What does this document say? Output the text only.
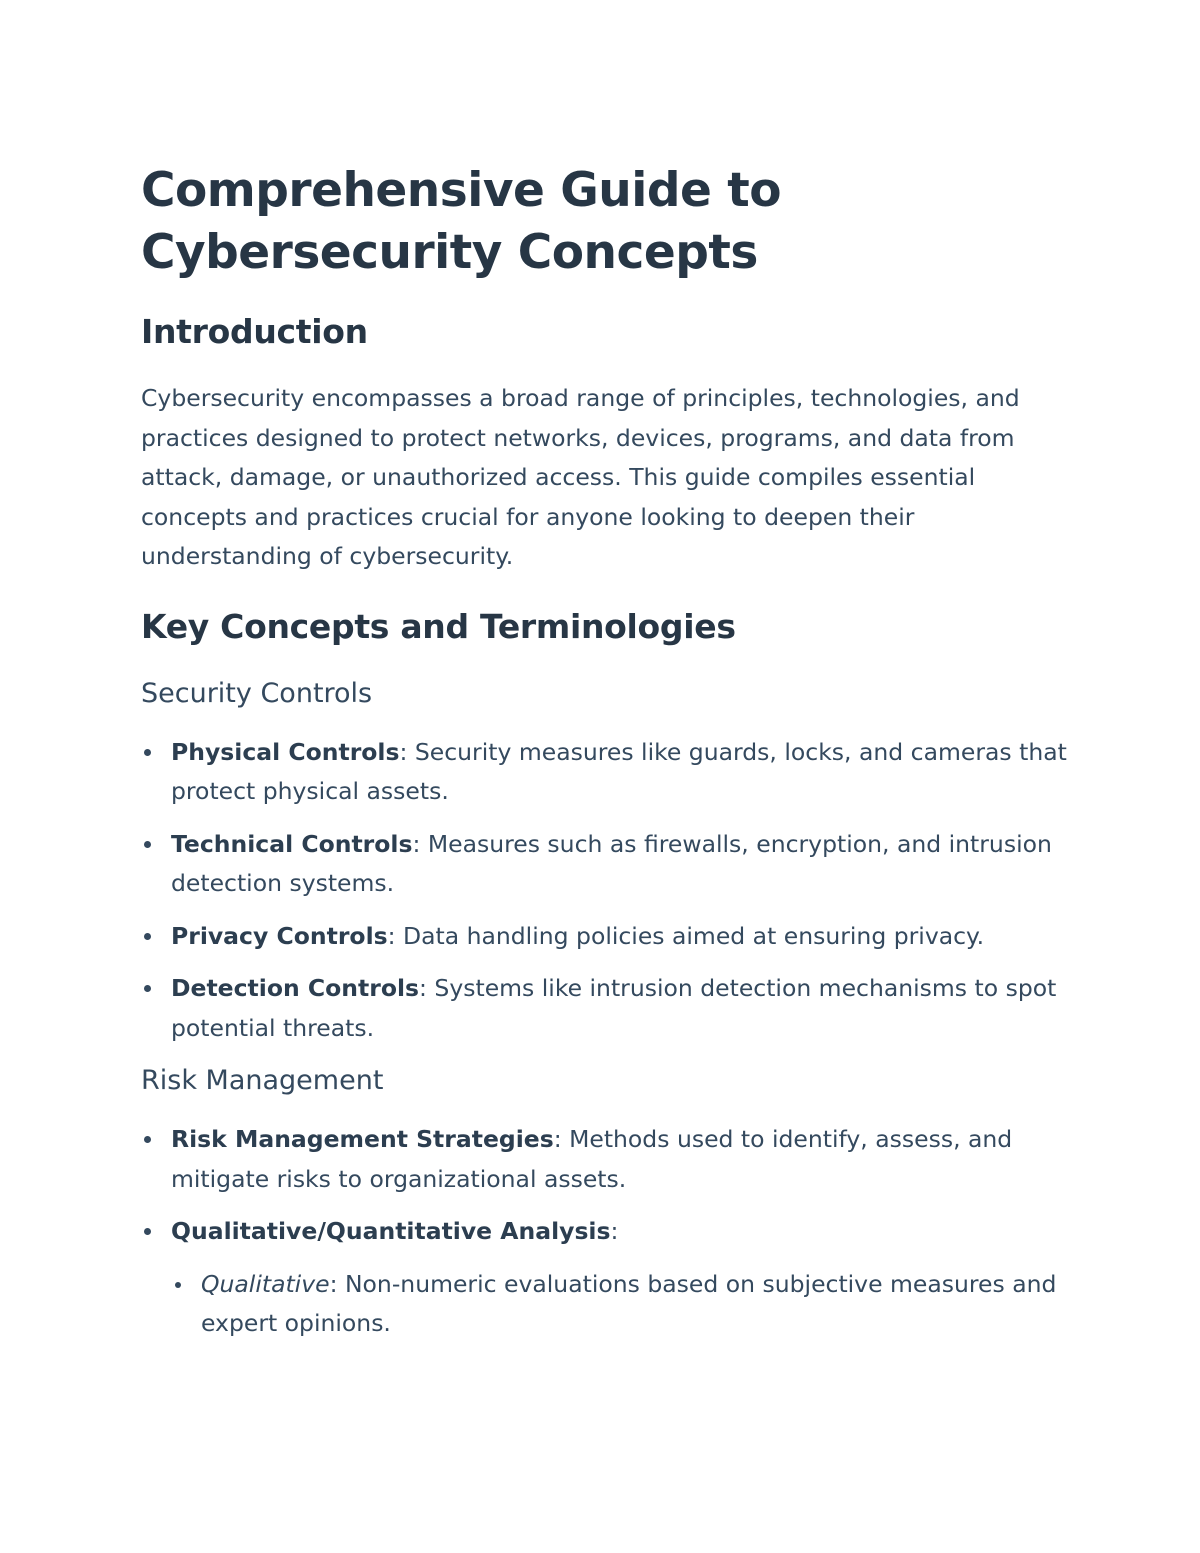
Comprehensive Guide to Cybersecurity Concepts
Introduction

Cybersecurity encompasses a broad range of principles, technologies, and practices designed to protect networks, devices, programs, and data from attack, damage, or unauthorized access. This guide compiles essential concepts and practices crucial for anyone looking to deepen their understanding of cybersecurity.

Key Concepts and Terminologies
Security Controls
Physical Controls: Security measures like guards, locks, and cameras that protect physical assets.
Technical Controls: Measures such as firewalls, encryption, and intrusion detection systems.
Privacy Controls: Data handling policies aimed at ensuring privacy.
Detection Controls: Systems like intrusion detection mechanisms to spot potential threats.
Risk Management
Risk Management Strategies: Methods used to identify, assess, and mitigate risks to organizational assets.
Qualitative/Quantitative Analysis:
Qualitative: Non-numeric evaluations based on subjective measures and expert opinions.
